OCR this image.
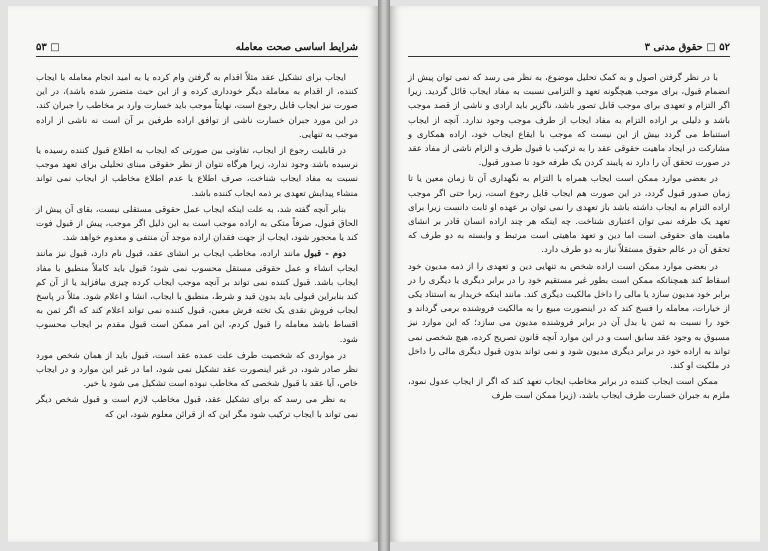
شرایط اساسی صحت معامله
□ ۵۳

ایجاب برای تشکیل عقد مثلاً اقدام به گرفتن وام کرده یا به امید انجام معامله با ایجاب کننده، از اقدام به معامله دیگر خودداری کرده و از این حیث متضرر شده باشد)، در این صورت نیز ایجاب قابل رجوع است، نهایتاً موجب باید خسارت وارد بر مخاطب را جبران کند، در این مورد جبران خسارت ناشی از توافق اراده طرفین بر آن است نه ناشی از اراده موجب به تنهایی.

در قابلیت رجوع از ایجاب، تفاوتی بین صورتی که ایجاب به اطلاع قبول کننده رسیده یا نرسیده باشد وجود ندارد، زیرا هرگاه نتوان از نظر حقوقی مبنای تحلیلی برای تعهد موجب نسبت به مفاد ایجاب شناخت، صرف اطلاع یا عدم اطلاع مخاطب از ایجاب نمی تواند منشاء پیدایش تعهدی بر ذمه ایجاب کننده باشد.

بنابر آنچه گفته شد، به علت اینکه ایجاب عمل حقوقی مستقلی نیست، بقای آن پیش از الحاق قبول، صرفاً متکی به اراده موجب است به این دلیل اگر موجب، پیش از قبول فوت کند یا محجور شود، ایجاب از جهت فقدان اراده موجد آن منتفی و معدوم خواهد شد.

دوم - قبول مانند اراده، مخاطب ایجاب بر انشای عقد، قبول نام دارد، قبول نیز مانند ایجاب انشاء و عمل حقوقی مستقل محسوب نمی شود؛ قبول باید کاملاً منطبق با مفاد ایجاب باشد. قبول کننده نمی تواند بر آنچه موجب ایجاب کرده چیزی بیافزاید یا از آن کم کند بنابراین قبولی باید بدون قید و شرط، منطبق با ایجاب، انشا و اعلام شود. مثلاً در پاسخ ایجاب فروش نقدی یک تخته فرش معین، قبول کننده نمی تواند اعلام کند که اگر ثمن به اقساط باشد معامله را قبول کردم، این امر ممکن است قبول مقدم بر ایجاب محسوب شود.

در مواردی که شخصیت طرف علت عمده عقد است، قبول باید از همان شخص مورد نظر صادر شود، در غیر اینصورت عقد تشکیل نمی شود، اما در غیر این موارد و در ایجاب خاص، آیا عقد با قبول شخصی که مخاطب نبوده است تشکیل می شود یا خیر.

به نظر می رسد که برای تشکیل عقد، قبول مخاطب لازم است و قبول شخص دیگر نمی تواند با ایجاب ترکیب شود مگر این که از قرائن معلوم شود، این که

۵۲ □ حقوق مدنی ۳

با در نظر گرفتن اصول و به کمک تحلیل موضوع، به نظر می رسد که نمی توان پیش از انضمام قبول، برای موجب هیچگونه تعهد و التزامی نسبت به مفاد ایجاب قائل گردید. زیرا اگر التزام و تعهدی برای موجب قابل تصور باشد، ناگزیر باید ارادی و ناشی از قصد موجب باشد و دلیلی بر اراده التزام به مفاد ایجاب از طرف موجب وجود ندارد. آنچه از ایجاب استنباط می گردد بیش از این نیست که موجب با ایقاع ایجاب خود، اراده همکاری و مشارکت در ایجاد ماهیت حقوقی عقد را به ترکیب با قبول طرف و الزام ناشی از مفاد عقد در صورت تحقق آن را دارد نه پایبند کردن یک طرفه خود تا صدور قبول.

در بعضی موارد ممکن است ایجاب همراه با التزام به نگهداری آن تا زمان معین یا تا زمان صدور قبول گردد، در این صورت هم ایجاب قابل رجوع است، زیرا حتی اگر موجب اراده التزام به ایجاب داشته باشد باز تعهدی را نمی توان بر عهده او ثابت دانست زیرا برای تعهد یک طرفه نمی توان اعتباری شناخت. چه اینکه هر چند اراده انسان قادر بر انشای ماهیت های حقوقی است اما دین و تعهد ماهیتی است مرتبط و وابسته به دو طرف که تحقق آن در عالم حقوق مستقلاً نیاز به دو طرف دارد.

در بعضی موارد ممکن است اراده شخص به تنهایی دین و تعهدی را از ذمه مدیون خود اسقاط کند همچنانکه ممکن است بطور غیر مستقیم خود را در برابر دیگری یا دیگری را در برابر خود مدیون سازد یا مالی را داخل مالکیت دیگری کند. مانند اینکه خریدار به استناد یکی از خیارات، معامله را فسخ کند که در اینصورت مبیع را به مالکیت فروشنده برمی گرداند و خود را نسبت به ثمن یا بدل آن در برابر فروشنده مدیون می سازد؛ که این موارد نیز مسبوق به وجود عقد سابق است و در این موارد آنچه قانون تصریح کرده، هیچ شخصی نمی تواند به اراده خود در برابر دیگری مدیون شود و نمی تواند بدون قبول دیگری مالی را داخل در ملکیت او کند.

ممکن است ایجاب کننده در برابر مخاطب ایجاب تعهد کند که اگر از ایجاب عدول نمود، ملزم به جبران خسارت طرف ایجاب باشد، (زیرا ممکن است طرف
